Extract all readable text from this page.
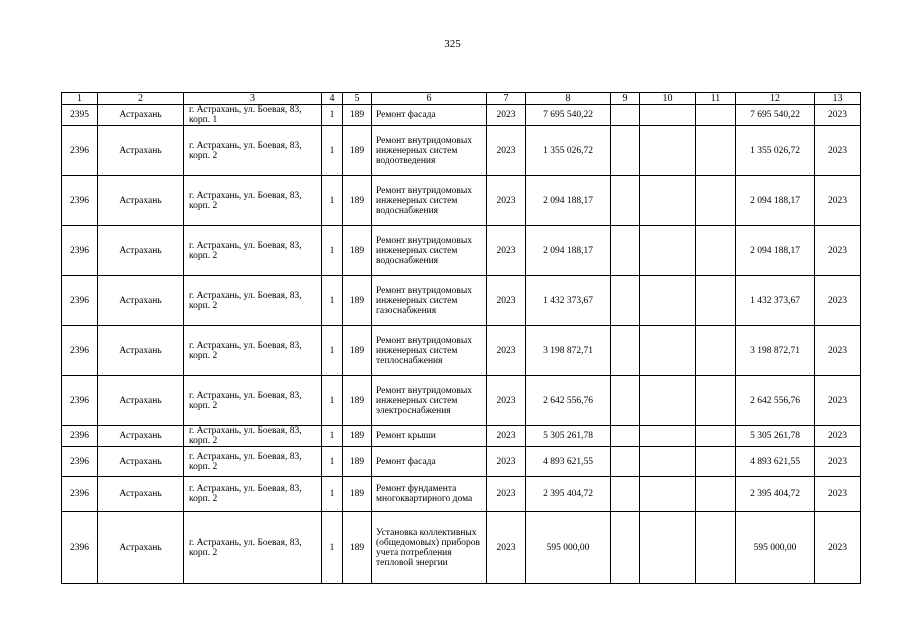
325
1	2	3	4	5	6	7	8	9	10	11	12	13
2395	Астрахань	г. Астрахань, ул. Боевая, 83, корп. 1	1	189	Ремонт фасада	2023	7 695 540,22				7 695 540,22	2023
2396	Астрахань	г. Астрахань, ул. Боевая, 83, корп. 2	1	189	Ремонт внутридомовых инженерных систем водоотведения	2023	1 355 026,72				1 355 026,72	2023
2396	Астрахань	г. Астрахань, ул. Боевая, 83, корп. 2	1	189	Ремонт внутридомовых инженерных систем водоснабжения	2023	2 094 188,17				2 094 188,17	2023
2396	Астрахань	г. Астрахань, ул. Боевая, 83, корп. 2	1	189	Ремонт внутридомовых инженерных систем водоснабжения	2023	2 094 188,17				2 094 188,17	2023
2396	Астрахань	г. Астрахань, ул. Боевая, 83, корп. 2	1	189	Ремонт внутридомовых инженерных систем газоснабжения	2023	1 432 373,67				1 432 373,67	2023
2396	Астрахань	г. Астрахань, ул. Боевая, 83, корп. 2	1	189	Ремонт внутридомовых инженерных систем теплоснабжения	2023	3 198 872,71				3 198 872,71	2023
2396	Астрахань	г. Астрахань, ул. Боевая, 83, корп. 2	1	189	Ремонт внутридомовых инженерных систем электроснабжения	2023	2 642 556,76				2 642 556,76	2023
2396	Астрахань	г. Астрахань, ул. Боевая, 83, корп. 2	1	189	Ремонт крыши	2023	5 305 261,78				5 305 261,78	2023
2396	Астрахань	г. Астрахань, ул. Боевая, 83, корп. 2	1	189	Ремонт фасада	2023	4 893 621,55				4 893 621,55	2023
2396	Астрахань	г. Астрахань, ул. Боевая, 83, корп. 2	1	189	Ремонт фундамента многоквартирного дома	2023	2 395 404,72				2 395 404,72	2023
2396	Астрахань	г. Астрахань, ул. Боевая, 83, корп. 2	1	189	Установка коллективных (общедомовых) приборов учета потребления тепловой энергии	2023	595 000,00				595 000,00	2023
